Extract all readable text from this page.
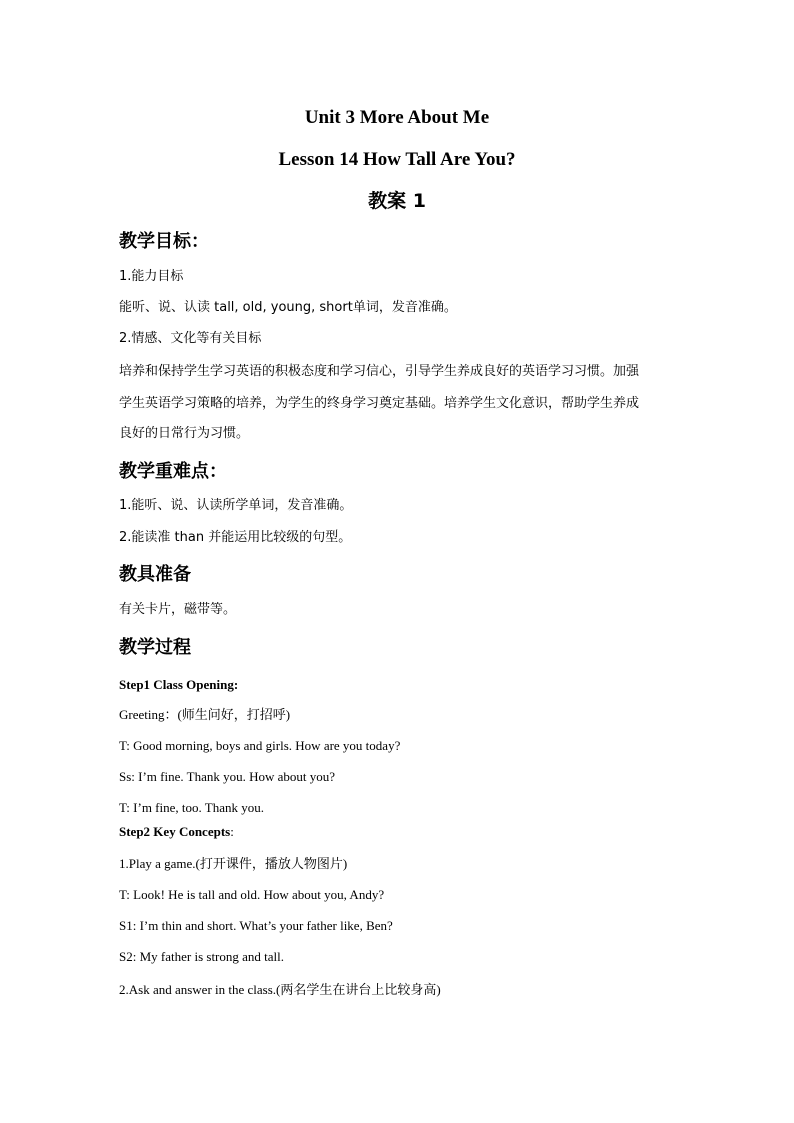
Unit 3 More About Me
Lesson 14 How Tall Are You?
教案 1
教学目标：
1.能力目标
能听、说、认读 tall, old, young, short单词，发音准确。
2.情感、文化等有关目标
培养和保持学生学习英语的积极态度和学习信心，引导学生养成良好的英语学习习惯。加强
学生英语学习策略的培养，为学生的终身学习奠定基础。培养学生文化意识，帮助学生养成
良好的日常行为习惯。
教学重难点：
1.能听、说、认读所学单词，发音准确。
2.能读准 than 并能运用比较级的句型。
教具准备
有关卡片，磁带等。
教学过程
Step1 Class Opening:
Greeting：(师生问好，打招呼)
T: Good morning, boys and girls. How are you today?
Ss: I’m fine. Thank you. How about you?
T: I’m fine, too. Thank you.
Step2 Key Concepts:
1.Play a game.(打开课件，播放人物图片)
T: Look! He is tall and old. How about you, Andy?
S1: I’m thin and short. What’s your father like, Ben?
S2: My father is strong and tall.
2.Ask and answer in the class.(两名学生在讲台上比较身高)
